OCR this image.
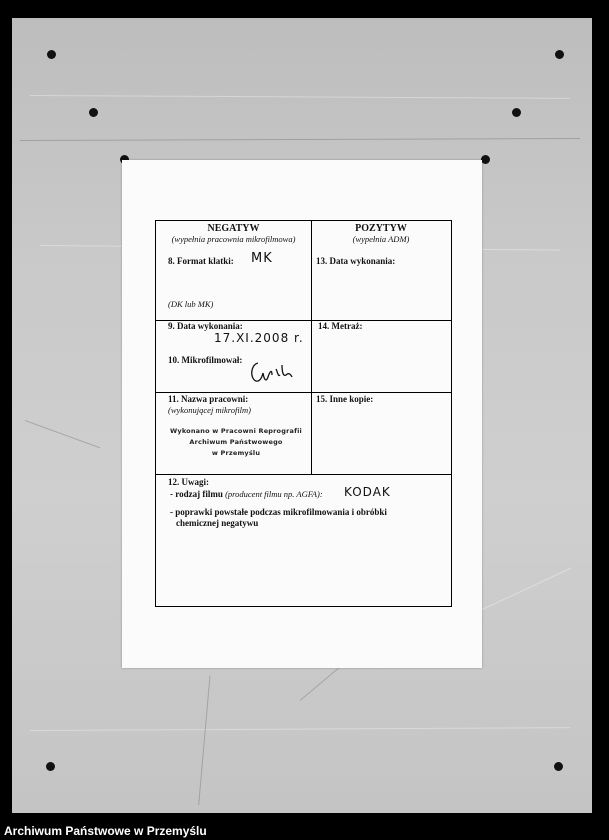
NEGATYW
(wypełnia pracownia mikrofilmowa)
POZYTYW
(wypełnia ADM)
8. Format klatki: MK
(DK lub MK)
13. Data wykonania:
9. Data wykonania:
17.XI.2008 r.
14. Metraż:
10. Mikrofilmował:
11. Nazwa pracowni:
(wykonującej mikrofilm)
Wykonano w Pracowni Reprografii
Archiwum Państwowego
w Przemyślu
15. Inne kopie:
12. Uwagi:
- rodzaj filmu (producent filmu np. AGFA): KODAK
- poprawki powstałe podczas mikrofilmowania i obróbki
chemicznej negatywu
Archiwum Państwowe w Przemyślu
